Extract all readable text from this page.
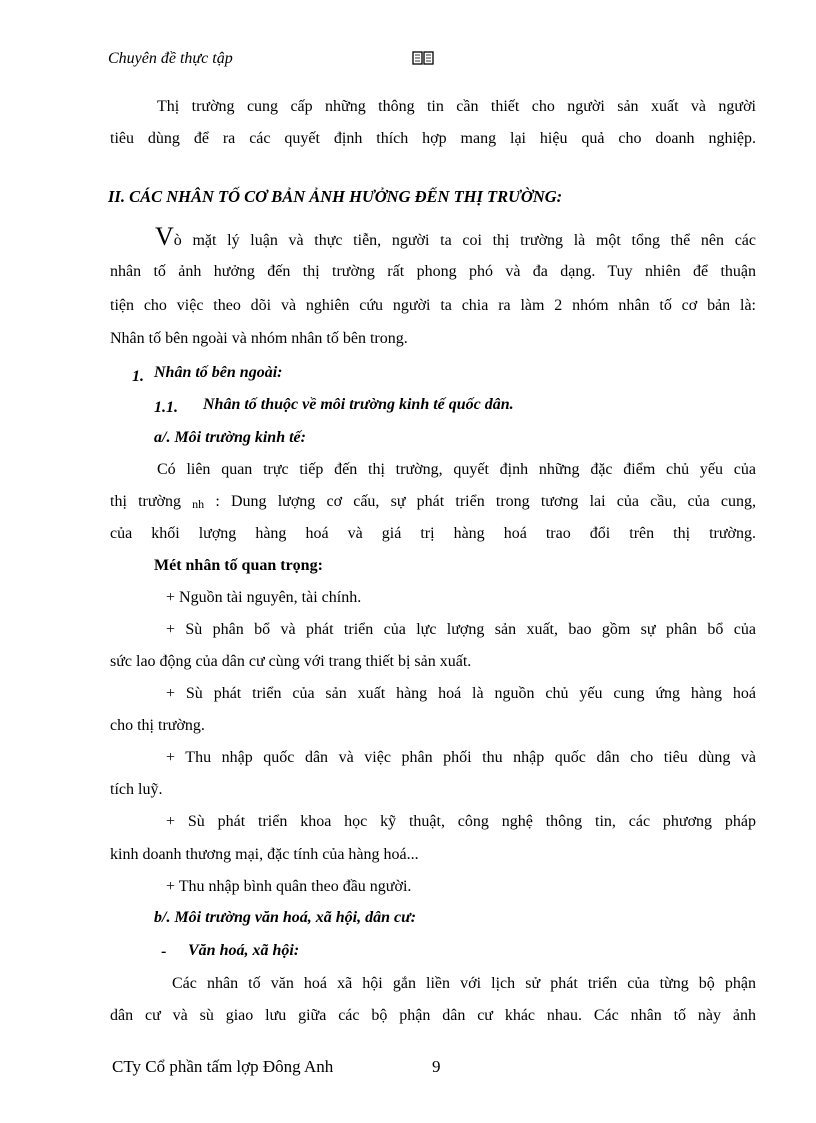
Chuyên đề thực tập
Thị trường cung cấp những thông tin cần thiết cho người sản xuất và người
tiêu dùng để ra các quyết định thích hợp mang lại hiệu quả cho doanh nghiệp.
II. CÁC NHÂN TỐ CƠ BẢN ẢNH HƯỞNG ĐẾN THỊ TRƯỜNG:
Vò mặt lý luận và thực tiễn, người ta coi thị trường là một tổng thể nên các
nhân tố ảnh hưởng đến thị trường rất phong phó và đa dạng. Tuy nhiên để thuận
tiện cho việc theo dõi và nghiên cứu người ta chia ra làm 2 nhóm nhân tố cơ bản là:
Nhân tố bên ngoài và nhóm nhân tố bên trong.
1. Nhân tố bên ngoài:
1.1. Nhân tố thuộc về môi trường kinh tế quốc dân.
a/. Môi trường kinh tế:
Có liên quan trực tiếp đến thị trường, quyết định những đặc điểm chủ yếu của
thị trường nh : Dung lượng cơ cấu, sự phát triển trong tương lai của cầu, của cung,
của khối lượng hàng hoá và giá trị hàng hoá trao đổi trên thị trường.
Mét nhân tố quan trọng:
+ Nguồn tài nguyên, tài chính.
+ Sù phân bổ và phát triển của lực lượng sản xuất, bao gồm sự phân bổ của
sức lao động của dân cư cùng với trang thiết bị sản xuất.
+ Sù phát triển của sản xuất hàng hoá là nguồn chủ yếu cung ứng hàng hoá
cho thị trường.
+ Thu nhập quốc dân và việc phân phối thu nhập quốc dân cho tiêu dùng và
tích luỹ.
+ Sù phát triển khoa học kỹ thuật, công nghệ thông tin, các phương pháp
kinh doanh thương mại, đặc tính của hàng hoá...
+ Thu nhập bình quân theo đầu người.
b/. Môi trường văn hoá, xã hội, dân cư:
- Văn hoá, xã hội:
Các nhân tố văn hoá xã hội gắn liền với lịch sử phát triển của từng bộ phận
dân cư và sù giao lưu giữa các bộ phận dân cư khác nhau. Các nhân tố này ảnh
CTy Cổ phần tấm lợp Đông Anh	9
